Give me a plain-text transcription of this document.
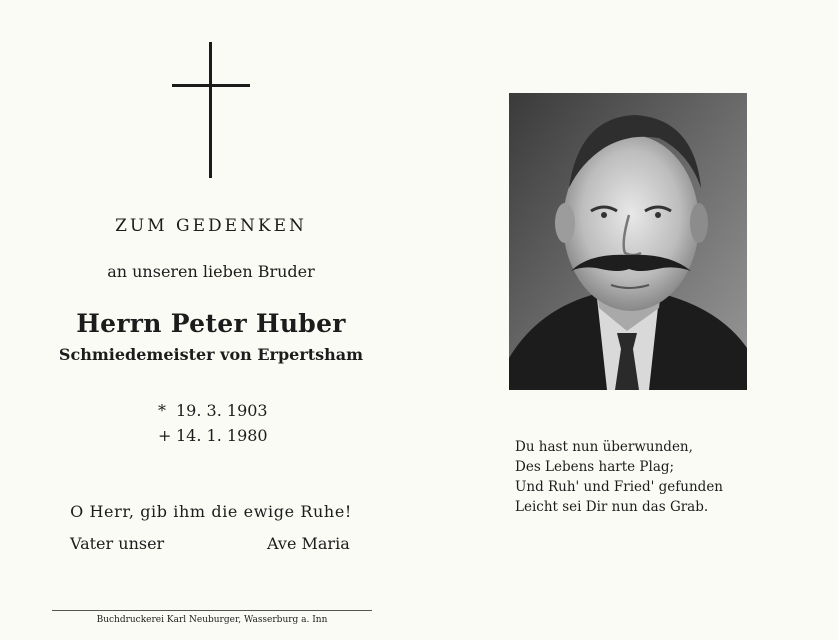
ZUM GEDENKEN
an unseren lieben Bruder
Herrn Peter Huber
Schmiedemeister von Erpertsham
* 19. 3. 1903
+ 14. 1. 1980
O Herr, gib ihm die ewige Ruhe!
Vater unser	Ave Maria
Buchdruckerei Karl Neuburger, Wasserburg a. Inn
Du hast nun überwunden,
Des Lebens harte Plag;
Und Ruh' und Fried' gefunden
Leicht sei Dir nun das Grab.
